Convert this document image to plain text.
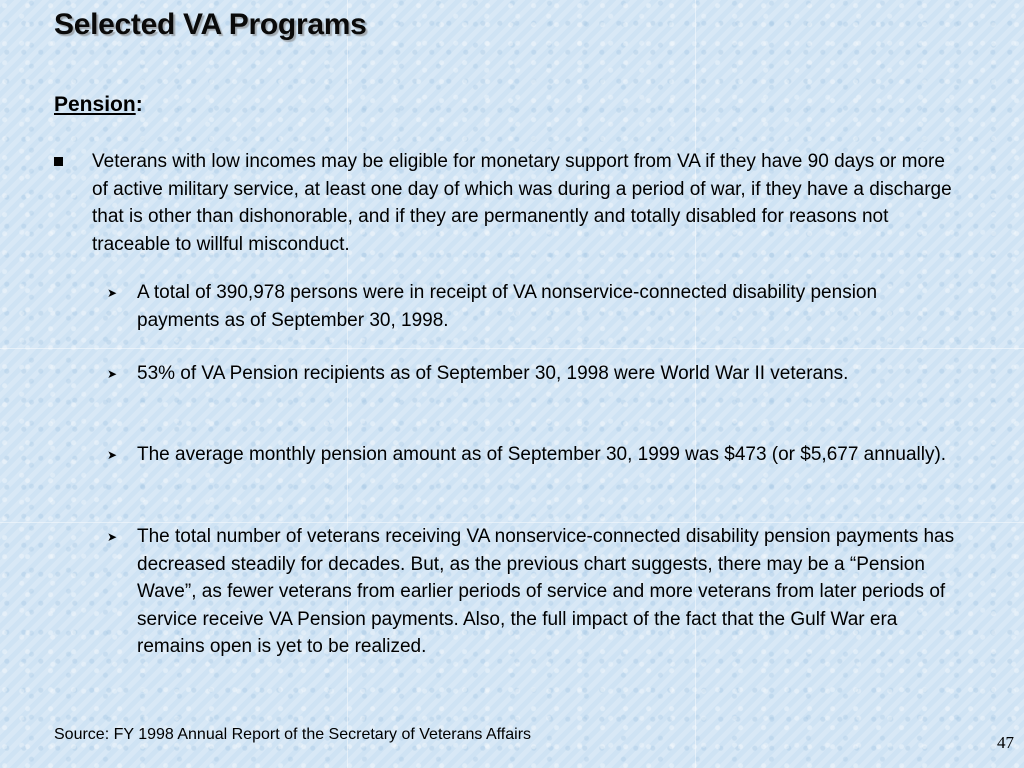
Selected VA Programs
Pension:
Veterans with low incomes may be eligible for monetary support from VA if they have 90 days or more of active military service, at least one day of which was during a period of war, if they have a discharge that is other than dishonorable, and if they are permanently and totally disabled for reasons not traceable to willful misconduct.
➤ A total of 390,978 persons were in receipt of VA nonservice-connected disability pension payments as of September 30, 1998.
➤ 53% of VA Pension recipients as of September 30, 1998 were World War II veterans.
➤ The average monthly pension amount as of September 30, 1999 was $473 (or $5,677 annually).
➤ The total number of veterans receiving VA nonservice-connected disability pension payments has decreased steadily for decades. But, as the previous chart suggests, there may be a “Pension Wave”, as fewer veterans from earlier periods of service and more veterans from later periods of service receive VA Pension payments. Also, the full impact of the fact that the Gulf War era remains open is yet to be realized.
Source: FY 1998 Annual Report of the Secretary of Veterans Affairs	47
